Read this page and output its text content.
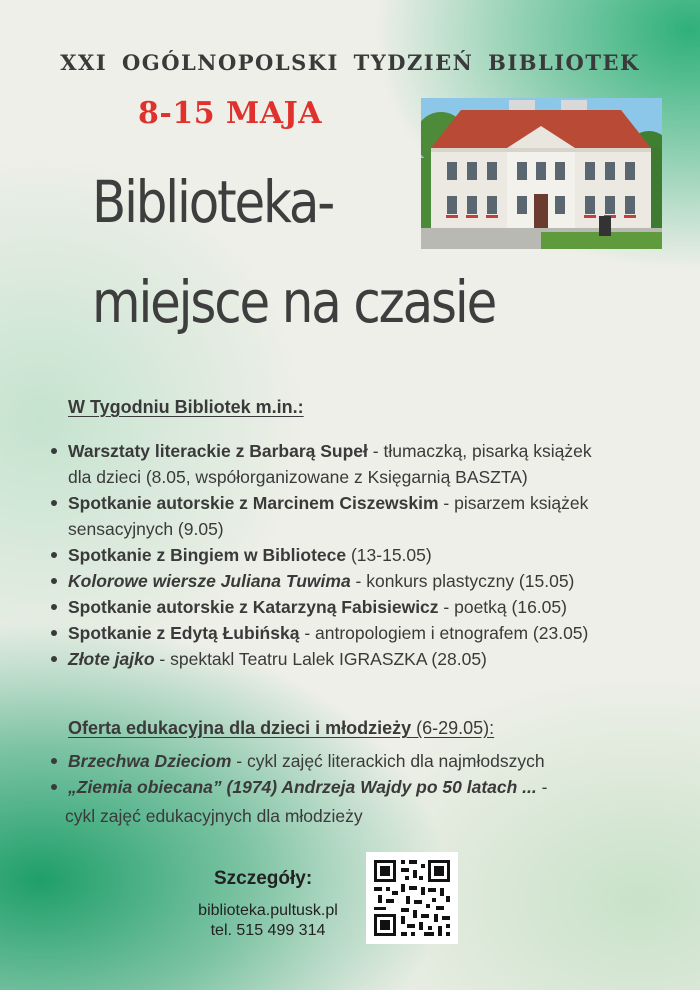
XXI OGÓLNOPOLSKI TYDZIEŃ BIBLIOTEK
8-15 MAJA
Biblioteka-
miejsce na czasie
W Tygodniu Bibliotek m.in.:
Warsztaty literackie z Barbarą Supeł - tłumaczką, pisarką książek
dla dzieci (8.05, współorganizowane z Księgarnią BASZTA)
Spotkanie autorskie z Marcinem Ciszewskim - pisarzem książek
sensacyjnych (9.05)
Spotkanie z Bingiem w Bibliotece (13-15.05)
Kolorowe wiersze Juliana Tuwima - konkurs plastyczny (15.05)
Spotkanie autorskie z Katarzyną Fabisiewicz - poetką (16.05)
Spotkanie z Edytą Łubińską - antropologiem i etnografem (23.05)
Złote jajko - spektakl Teatru Lalek IGRASZKA (28.05)
Oferta edukacyjna dla dzieci i młodzieży (6-29.05):
Brzechwa Dzieciom - cykl zajęć literackich dla najmłodszych
„Ziemia obiecana” (1974) Andrzeja Wajdy po 50 latach ... -
cykl zajęć edukacyjnych dla młodzieży
Szczegóły:
biblioteka.pultusk.pl
tel. 515 499 314
